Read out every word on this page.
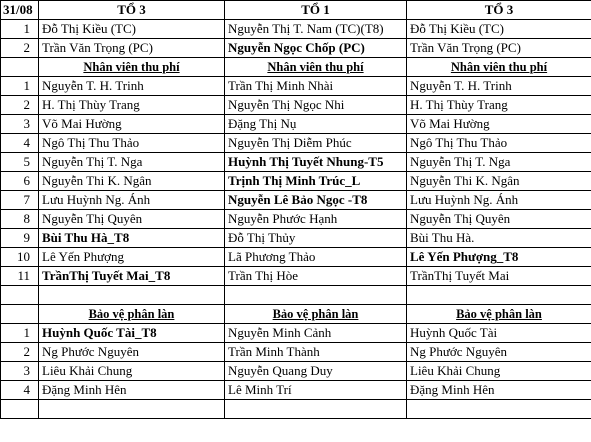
31/08	TỔ 3	TỔ 1	TỔ 3
1	Đỗ Thị Kiều (TC)	Nguyễn Thị T. Nam (TC)(T8)	Đỗ Thị Kiều (TC)
2	Trần Văn Trọng (PC)	Nguyễn Ngọc Chốp (PC)	Trần Văn Trọng (PC)
	Nhân viên thu phí	Nhân viên thu phí	Nhân viên thu phí
1	Nguyễn T. H. Trinh	Trần Thị Minh Nhài	Nguyễn T. H. Trinh
2	H. Thị Thùy Trang	Nguyễn Thị Ngọc Nhi	H. Thị Thùy Trang
3	Võ Mai Hường	Đặng Thị Nụ	Võ Mai Hường
4	Ngô Thị Thu Thảo	Nguyễn Thị Diễm Phúc	Ngô Thị Thu Thảo
5	Nguyễn Thị T. Nga	Huỳnh Thị Tuyết Nhung-T5	Nguyễn Thị T. Nga
6	Nguyễn Thi K. Ngân	Trịnh Thị Minh Trúc_L	Nguyễn Thi K. Ngân
7	Lưu Huỳnh Ng. Ánh	Nguyễn Lê Bảo Ngọc -T8	Lưu Huỳnh Ng. Ánh
8	Nguyễn Thị Quyên	Nguyễn Phước Hạnh	Nguyễn Thị Quyên
9	Bùi Thu Hà_T8	Đỗ Thị Thủy	Bùi Thu Hà.
10	Lê Yến Phượng	Lã Phương Thảo	Lê Yến Phượng_T8
11	TrầnThị Tuyết Mai_T8	Trần Thị Hòe	TrầnThị Tuyết Mai

	Bảo vệ phân làn	Bảo vệ phân làn	Bảo vệ phân làn
1	Huỳnh Quốc Tài_T8	Nguyễn Minh Cảnh	Huỳnh Quốc Tài
2	Ng Phước Nguyên	Trần Minh Thành	Ng Phước Nguyên
3	Liêu Khải Chung	Nguyễn Quang Duy	Liêu Khải Chung
4	Đặng Minh Hên	Lê Minh Trí	Đặng Minh Hên
